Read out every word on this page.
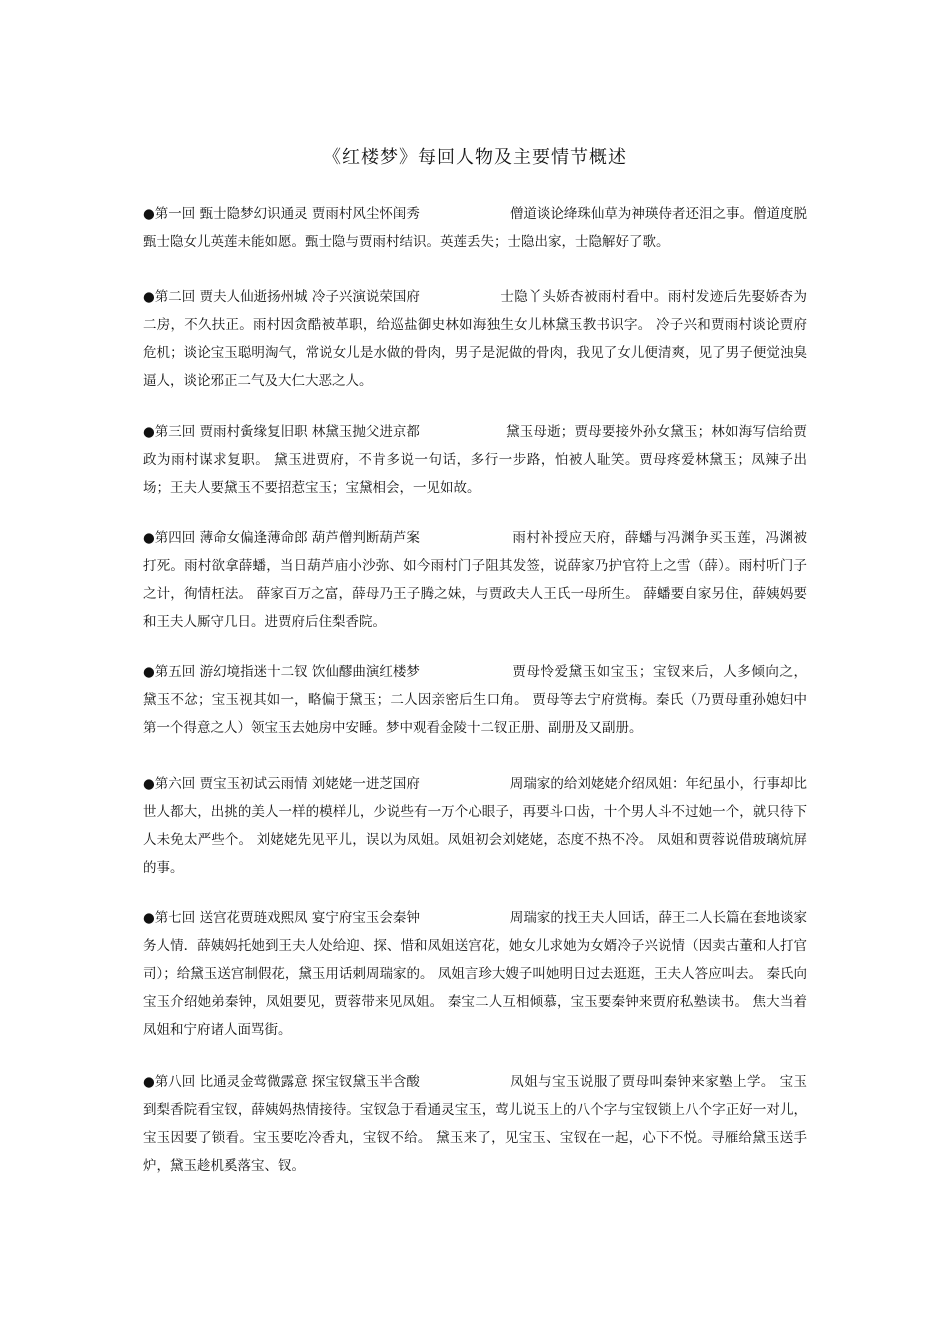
《红楼梦》每回人物及主要情节概述
●第一回 甄士隐梦幻识通灵 贾雨村风尘怀闺秀	僧道谈论绛珠仙草为神瑛侍者还泪之事。僧道度脱甄士隐女儿英莲未能如愿。甄士隐与贾雨村结识。英莲丢失；士隐出家，士隐解好了歌。
●第二回 贾夫人仙逝扬州城 冷子兴演说荣国府	士隐丫头娇杏被雨村看中。雨村发迹后先娶娇杏为二房，不久扶正。雨村因贪酷被革职，给巡盐御史林如海独生女儿林黛玉教书识字。 冷子兴和贾雨村谈论贾府危机；谈论宝玉聪明淘气，常说女儿是水做的骨肉，男子是泥做的骨肉，我见了女儿便清爽，见了男子便觉浊臭逼人，谈论邪正二气及大仁大恶之人。
●第三回 贾雨村夤缘复旧职 林黛玉抛父进京都	黛玉母逝；贾母要接外孙女黛玉；林如海写信给贾政为雨村谋求复职。 黛玉进贾府，不肯多说一句话，多行一步路，怕被人耻笑。贾母疼爱林黛玉；凤辣子出场；王夫人要黛玉不要招惹宝玉；宝黛相会，一见如故。
●第四回 薄命女偏逢薄命郎 葫芦僧判断葫芦案	雨村补授应天府，薛蟠与冯渊争买玉莲，冯渊被打死。雨村欲拿薛蟠，当日葫芦庙小沙弥、如今雨村门子阻其发签，说薛家乃护官符上之雪（薛）。雨村听门子之计，徇情枉法。 薛家百万之富，薛母乃王子腾之妹，与贾政夫人王氏一母所生。 薛蟠要自家另住，薛姨妈要和王夫人厮守几日。进贾府后住梨香院。
●第五回 游幻境指迷十二钗 饮仙醪曲演红楼梦	贾母怜爱黛玉如宝玉；宝钗来后，人多倾向之，黛玉不忿；宝玉视其如一，略偏于黛玉；二人因亲密后生口角。 贾母等去宁府赏梅。秦氏（乃贾母重孙媳妇中第一个得意之人）领宝玉去她房中安睡。梦中观看金陵十二钗正册、副册及又副册。
●第六回 贾宝玉初试云雨情 刘姥姥一进芝国府	周瑞家的给刘姥姥介绍凤姐：年纪虽小，行事却比世人都大，出挑的美人一样的模样儿，少说些有一万个心眼子，再要斗口齿，十个男人斗不过她一个，就只待下人未免太严些个。 刘姥姥先见平儿，误以为凤姐。凤姐初会刘姥姥，态度不热不冷。 凤姐和贾蓉说借玻璃炕屏的事。
●第七回 送宫花贾琏戏熙凤 宴宁府宝玉会秦钟	周瑞家的找王夫人回话，薛王二人长篇在套地谈家务人情．薛姨妈托她到王夫人处给迎、探、惜和凤姐送宫花，她女儿求她为女婿冷子兴说情（因卖古董和人打官司）；给黛玉送宫制假花，黛玉用话刺周瑞家的。 凤姐言珍大嫂子叫她明日过去逛逛，王夫人答应叫去。 秦氏向宝玉介绍她弟秦钟，凤姐要见，贾蓉带来见凤姐。 秦宝二人互相倾慕，宝玉要秦钟来贾府私塾读书。 焦大当着凤姐和宁府诸人面骂街。
●第八回 比通灵金莺微露意 探宝钗黛玉半含酸	凤姐与宝玉说服了贾母叫秦钟来家塾上学。 宝玉到梨香院看宝钗，薛姨妈热情接待。宝钗急于看通灵宝玉，莺儿说玉上的八个字与宝钗锁上八个字正好一对儿，宝玉因要了锁看。宝玉要吃冷香丸，宝钗不给。 黛玉来了，见宝玉、宝钗在一起，心下不悦。寻雁给黛玉送手炉，黛玉趁机奚落宝、钗。
